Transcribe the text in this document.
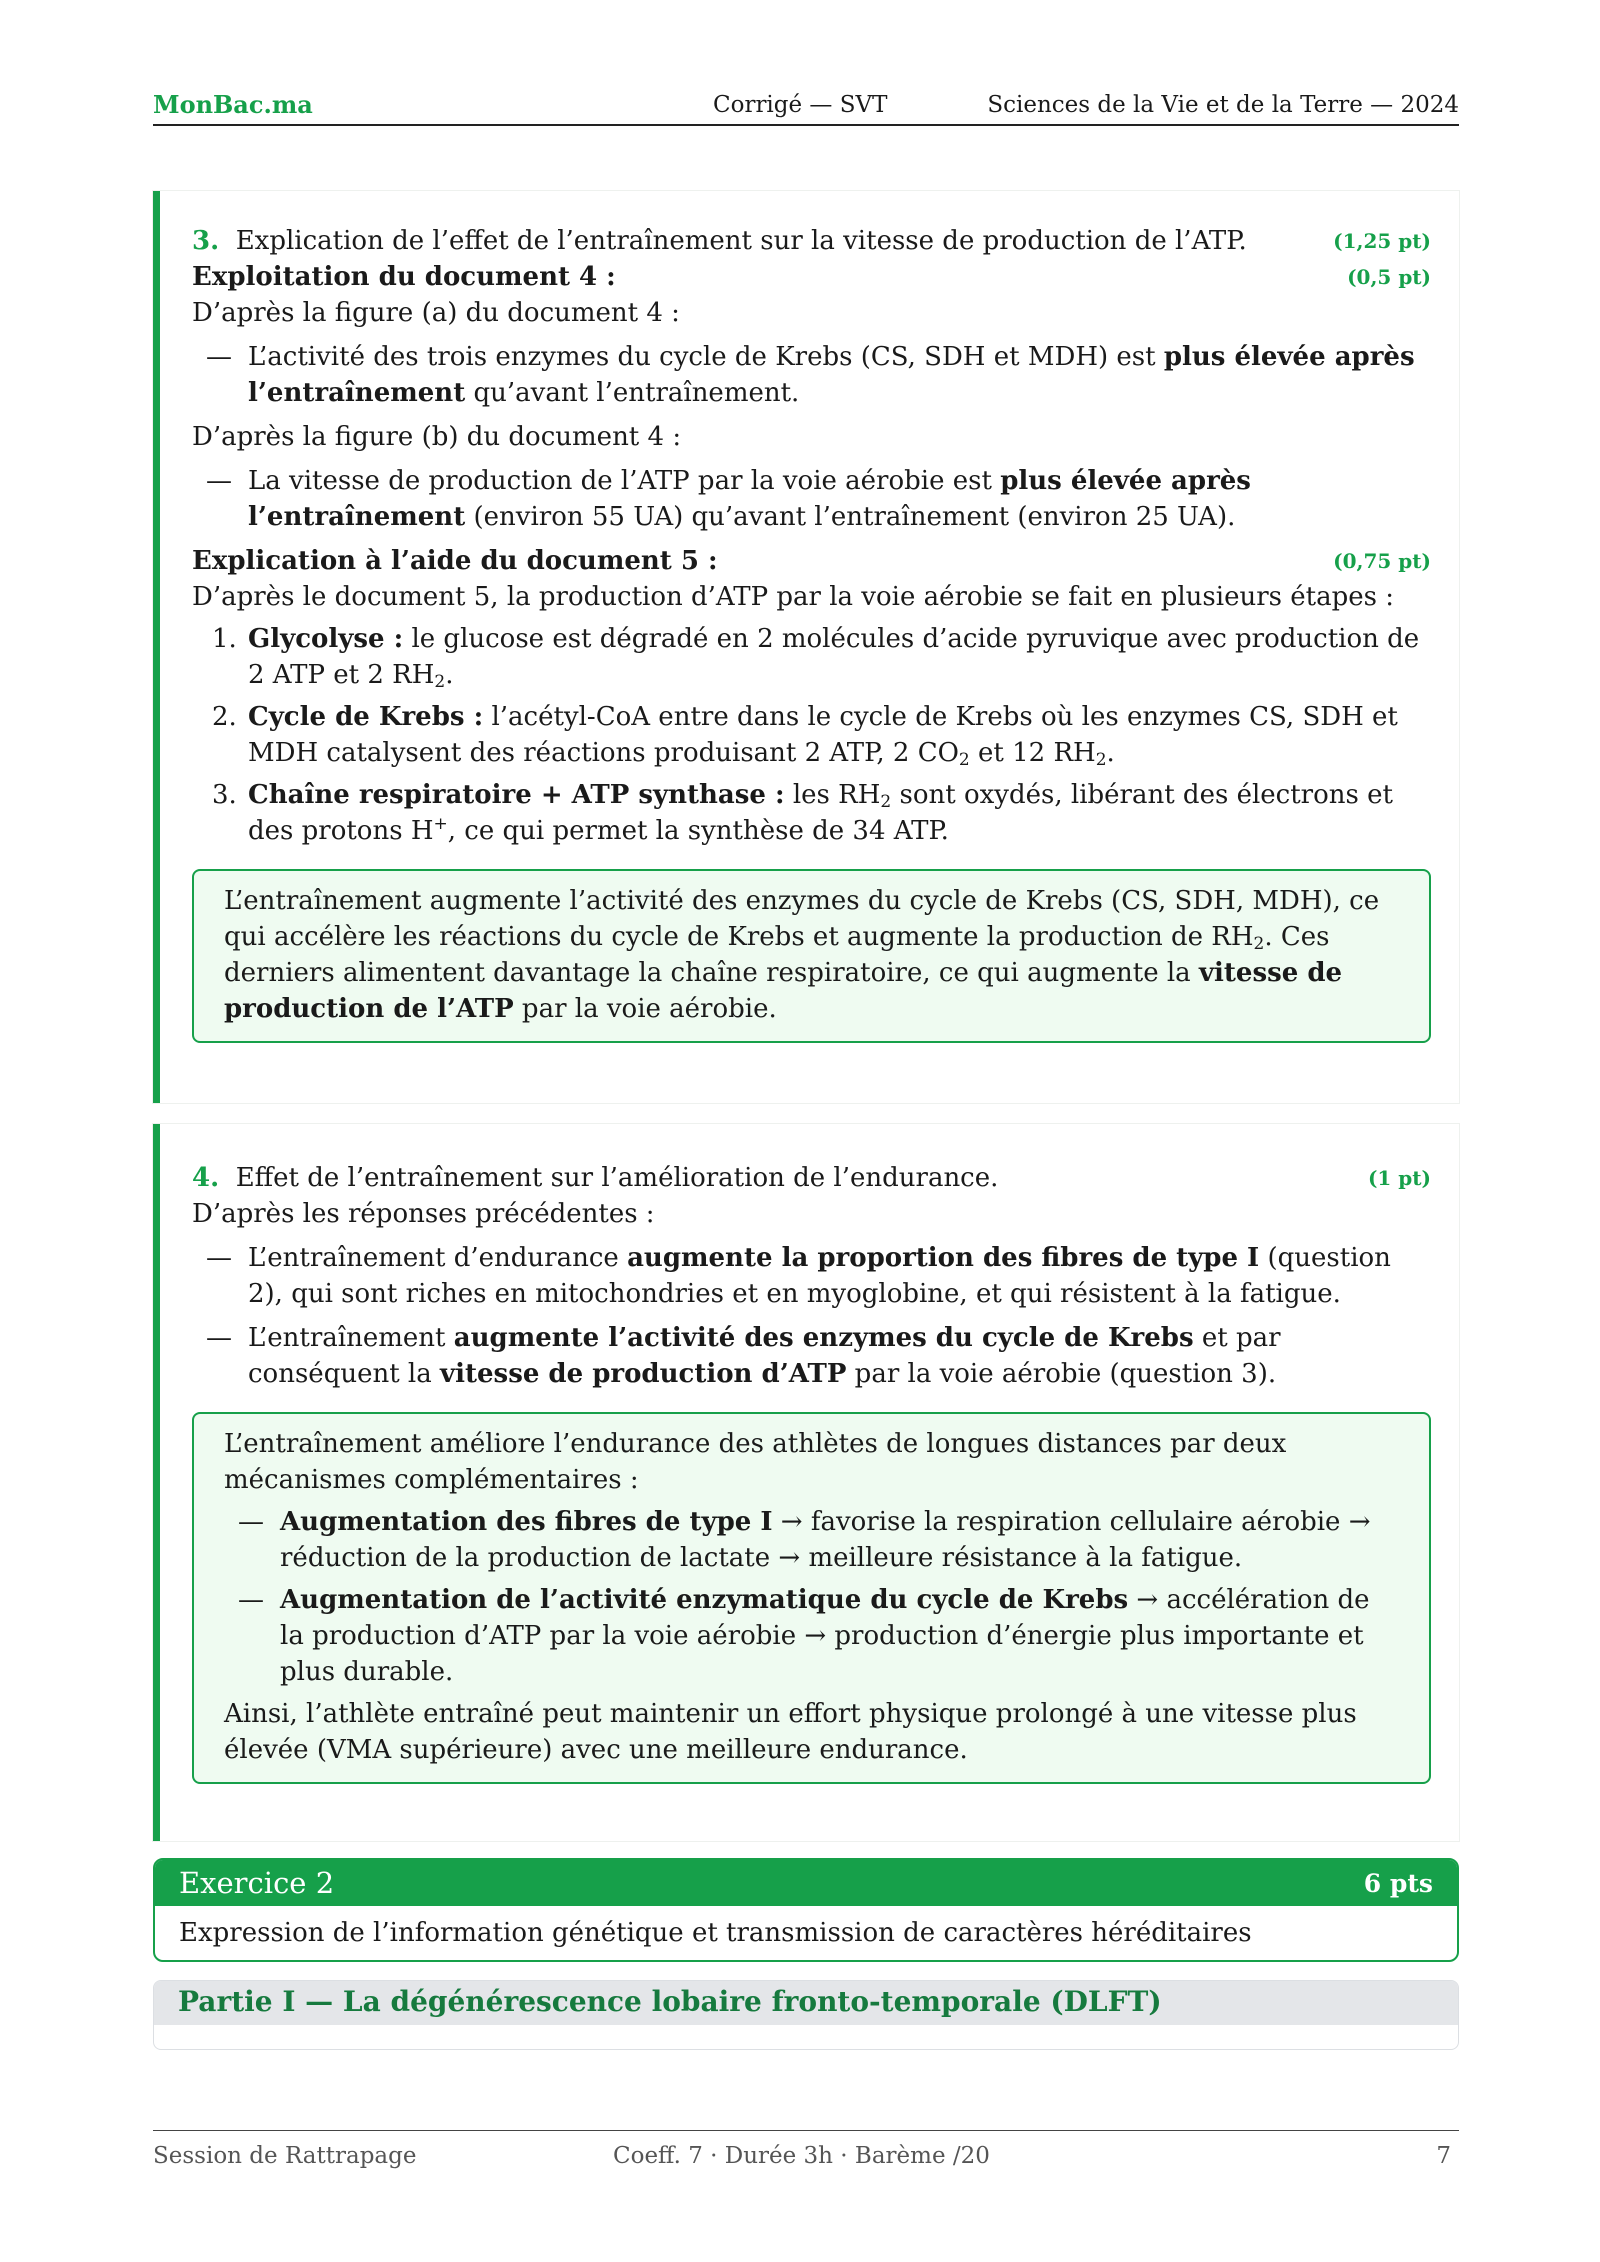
MonBac.ma	Corrigé — SVT	Sciences de la Vie et de la Terre — 2024
3. Explication de l’effet de l’entraînement sur la vitesse de production de l’ATP.	(1,25 pt)
Exploitation du document 4 :	(0,5 pt)
D’après la figure (a) du document 4 :
— L’activité des trois enzymes du cycle de Krebs (CS, SDH et MDH) est plus élevée après l’entraînement qu’avant l’entraînement.
D’après la figure (b) du document 4 :
— La vitesse de production de l’ATP par la voie aérobie est plus élevée après l’entraînement (environ 55 UA) qu’avant l’entraînement (environ 25 UA).
Explication à l’aide du document 5 :	(0,75 pt)
D’après le document 5, la production d’ATP par la voie aérobie se fait en plusieurs étapes :
1. Glycolyse : le glucose est dégradé en 2 molécules d’acide pyruvique avec production de 2 ATP et 2 $RH_2$.
2. Cycle de Krebs : l’acétyl-CoA entre dans le cycle de Krebs où les enzymes CS, SDH et MDH catalysent des réactions produisant 2 ATP, 2 $CO_2$ et 12 $RH_2$.
3. Chaîne respiratoire + ATP synthase : les $RH_2$ sont oxydés, libérant des électrons et des protons H+, ce qui permet la synthèse de 34 ATP.

L’entraînement augmente l’activité des enzymes du cycle de Krebs (CS, SDH, MDH), ce qui accélère les réactions du cycle de Krebs et augmente la production de $RH_2$. Ces derniers alimentent davantage la chaîne respiratoire, ce qui augmente la vitesse de production de l’ATP par la voie aérobie.

4. Effet de l’entraînement sur l’amélioration de l’endurance.	(1 pt)
D’après les réponses précédentes :
— L’entraînement d’endurance augmente la proportion des fibres de type I (question 2), qui sont riches en mitochondries et en myoglobine, et qui résistent à la fatigue.
— L’entraînement augmente l’activité des enzymes du cycle de Krebs et par conséquent la vitesse de production d’ATP par la voie aérobie (question 3).

L’entraînement améliore l’endurance des athlètes de longues distances par deux mécanismes complémentaires :

— Augmentation des fibres de type I → favorise la respiration cellulaire aérobie → réduction de la production de lactate → meilleure résistance à la fatigue.
— Augmentation de l’activité enzymatique du cycle de Krebs → accélération de la production d’ATP par la voie aérobie → production d’énergie plus importante et plus durable.

Ainsi, l’athlète entraîné peut maintenir un effort physique prolongé à une vitesse plus élevée (VMA supérieure) avec une meilleure endurance.

Exercice 2	6 pts
Expression de l’information génétique et transmission de caractères héréditaires
Partie I — La dégénérescence lobaire fronto-temporale (DLFT)
Session de Rattrapage	Coeff. 7 · Durée 3h · Barème /20	7
